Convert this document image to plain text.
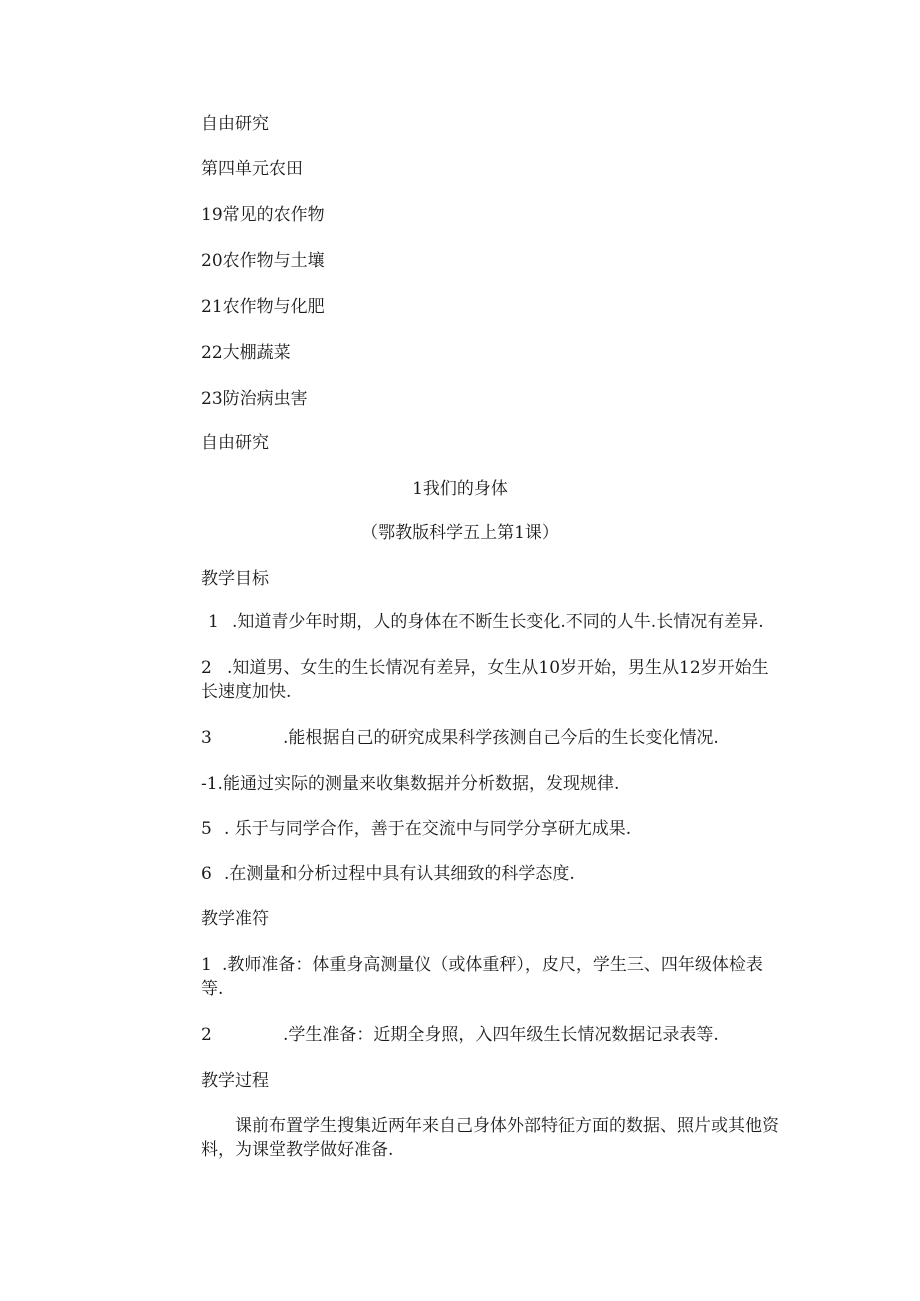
自由研究
第四单元农田
19常见的农作物
20农作物与土壤
21农作物与化肥
22大棚蔬菜
23防治病虫害
自由研究
1我们的身体
（鄂教版科学五上第1课）
教学目标
1 .知道青少年时期，人的身体在不断生长变化.不同的人牛.长情况有差异.
2 .知道男、女生的生长情况有差异，女生从10岁开始，男生从12岁开始生长速度加快.
3	.能根据自己的研究成果科学孩测自己今后的生长变化情况.
-1.能通过实际的测量来收集数据并分析数据，发现规律.
5 . 乐于与同学合作，善于在交流中与同学分享研尢成果.
6 .在测量和分析过程中具有认其细致的科学态度.
教学准符
1 .教师准备：体重身高测量仪（或体重秤），皮尺，学生三、四年级体检表等.
2	.学生准备：近期全身照，入四年级生长情况数据记录表等.
教学过程
课前布置学生搜集近两年来自己身体外部特征方面的数据、照片或其他资料，为课堂教学做好准备.
